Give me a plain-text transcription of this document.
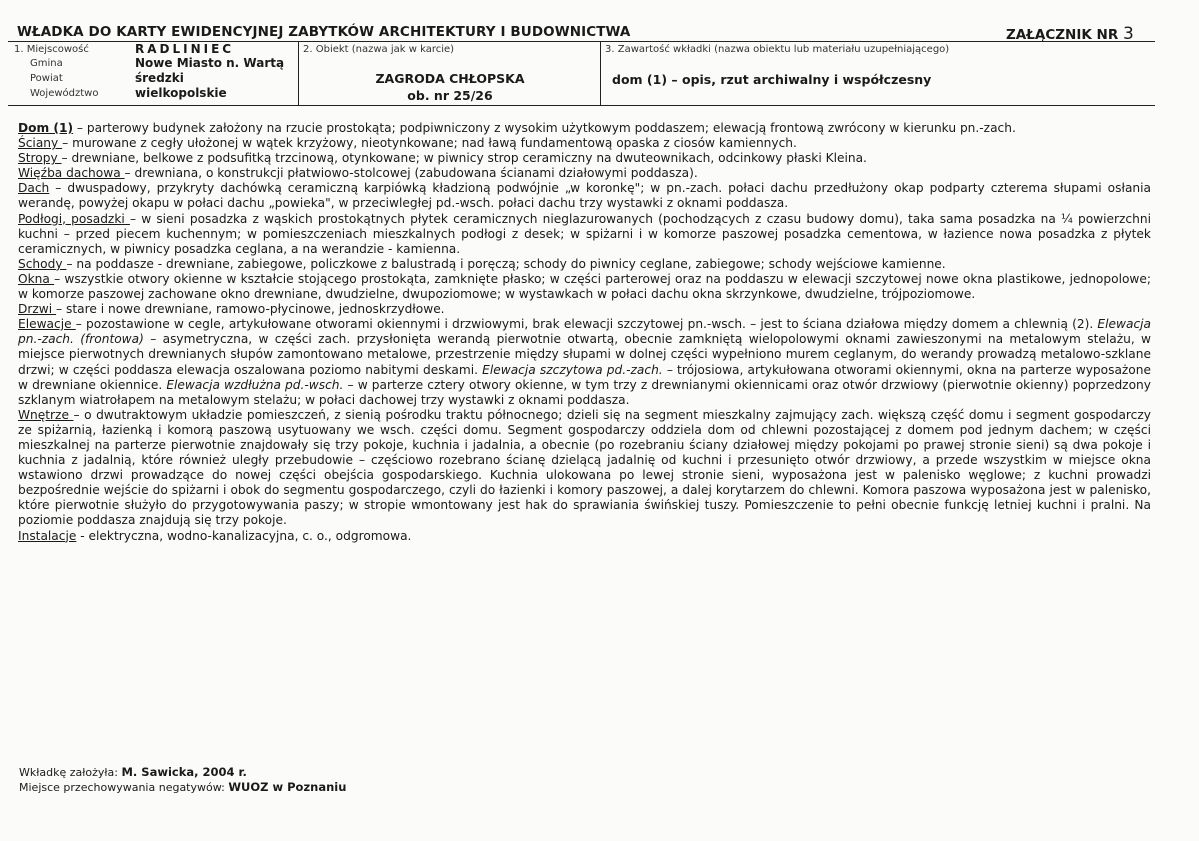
WŁADKA DO KARTY EWIDENCYJNEJ ZABYTKÓW ARCHITEKTURY I BUDOWNICTWA	ZAŁĄCZNIK NR 3
1. Miejscowość	RADLINIEC
Gmina	Nowe Miasto n. Wartą
Powiat	średzki
Województwo	wielkopolskie
2. Obiekt (nazwa jak w karcie)
ZAGRODA CHŁOPSKA
ob. nr 25/26
3. Zawartość wkładki (nazwa obiektu lub materiału uzupełniającego)
dom (1) – opis, rzut archiwalny i współczesny

Dom (1) – parterowy budynek założony na rzucie prostokąta; podpiwniczony z wysokim użytkowym poddaszem; elewacją frontową zwrócony w kierunku pn.-zach.

Ściany – murowane z cegły ułożonej w wątek krzyżowy, nieotynkowane; nad ławą fundamentową opaska z ciosów kamiennych.

Stropy – drewniane, belkowe z podsufitką trzcinową, otynkowane; w piwnicy strop ceramiczny na dwuteownikach, odcinkowy płaski Kleina.

Więźba dachowa – drewniana, o konstrukcji płatwiowo-stolcowej (zabudowana ścianami działowymi poddasza).

Dach – dwuspadowy, przykryty dachówką ceramiczną karpiówką kładzioną podwójnie „w koronkę"; w pn.-zach. połaci dachu przedłużony okap podparty czterema słupami osłania werandę, powyżej okapu w połaci dachu „powieka", w przeciwległej pd.-wsch. połaci dachu trzy wystawki z oknami poddasza.

Podłogi, posadzki – w sieni posadzka z wąskich prostokątnych płytek ceramicznych nieglazurowanych (pochodzących z czasu budowy domu), taka sama posadzka na ¼ powierzchni kuchni – przed piecem kuchennym; w pomieszczeniach mieszkalnych podłogi z desek; w spiżarni i w komorze paszowej posadzka cementowa, w łazience nowa posadzka z płytek ceramicznych, w piwnicy posadzka ceglana, a na werandzie - kamienna.

Schody – na poddasze - drewniane, zabiegowe, policzkowe z balustradą i poręczą; schody do piwnicy ceglane, zabiegowe; schody wejściowe kamienne.

Okna – wszystkie otwory okienne w kształcie stojącego prostokąta, zamknięte płasko; w części parterowej oraz na poddaszu w elewacji szczytowej nowe okna plastikowe, jednopolowe; w komorze paszowej zachowane okno drewniane, dwudzielne, dwupoziomowe; w wystawkach w połaci dachu okna skrzynkowe, dwudzielne, trójpoziomowe.

Drzwi – stare i nowe drewniane, ramowo-płycinowe, jednoskrzydłowe.

Elewacje – pozostawione w cegle, artykułowane otworami okiennymi i drzwiowymi, brak elewacji szczytowej pn.-wsch. – jest to ściana działowa między domem a chlewnią (2). Elewacja pn.-zach. (frontowa) – asymetryczna, w części zach. przysłonięta werandą pierwotnie otwartą, obecnie zamkniętą wielopolowymi oknami zawieszonymi na metalowym stelażu, w miejsce pierwotnych drewnianych słupów zamontowano metalowe, przestrzenie między słupami w dolnej części wypełniono murem ceglanym, do werandy prowadzą metalowo-szklane drzwi; w części poddasza elewacja oszalowana poziomo nabitymi deskami. Elewacja szczytowa pd.-zach. – trójosiowa, artykułowana otworami okiennymi, okna na parterze wyposażone w drewniane okiennice. Elewacja wzdłużna pd.-wsch. – w parterze cztery otwory okienne, w tym trzy z drewnianymi okiennicami oraz otwór drzwiowy (pierwotnie okienny) poprzedzony szklanym wiatrołapem na metalowym stelażu; w połaci dachowej trzy wystawki z oknami poddasza.

Wnętrze – o dwutraktowym układzie pomieszczeń, z sienią pośrodku traktu północnego; dzieli się na segment mieszkalny zajmujący zach. większą część domu i segment gospodarczy ze spiżarnią, łazienką i komorą paszową usytuowany we wsch. części domu. Segment gospodarczy oddziela dom od chlewni pozostającej z domem pod jednym dachem; w części mieszkalnej na parterze pierwotnie znajdowały się trzy pokoje, kuchnia i jadalnia, a obecnie (po rozebraniu ściany działowej między pokojami po prawej stronie sieni) są dwa pokoje i kuchnia z jadalnią, które również uległy przebudowie – częściowo rozebrano ścianę dzielącą jadalnię od kuchni i przesunięto otwór drzwiowy, a przede wszystkim w miejsce okna wstawiono drzwi prowadzące do nowej części obejścia gospodarskiego. Kuchnia ulokowana po lewej stronie sieni, wyposażona jest w palenisko węglowe; z kuchni prowadzi bezpośrednie wejście do spiżarni i obok do segmentu gospodarczego, czyli do łazienki i komory paszowej, a dalej korytarzem do chlewni. Komora paszowa wyposażona jest w palenisko, które pierwotnie służyło do przygotowywania paszy; w stropie wmontowany jest hak do sprawiania świńskiej tuszy. Pomieszczenie to pełni obecnie funkcję letniej kuchni i pralni. Na poziomie poddasza znajdują się trzy pokoje.

Instalacje - elektryczna, wodno-kanalizacyjna, c. o., odgromowa.

Wkładkę założyła: M. Sawicka, 2004 r.
Miejsce przechowywania negatywów: WUOZ w Poznaniu
